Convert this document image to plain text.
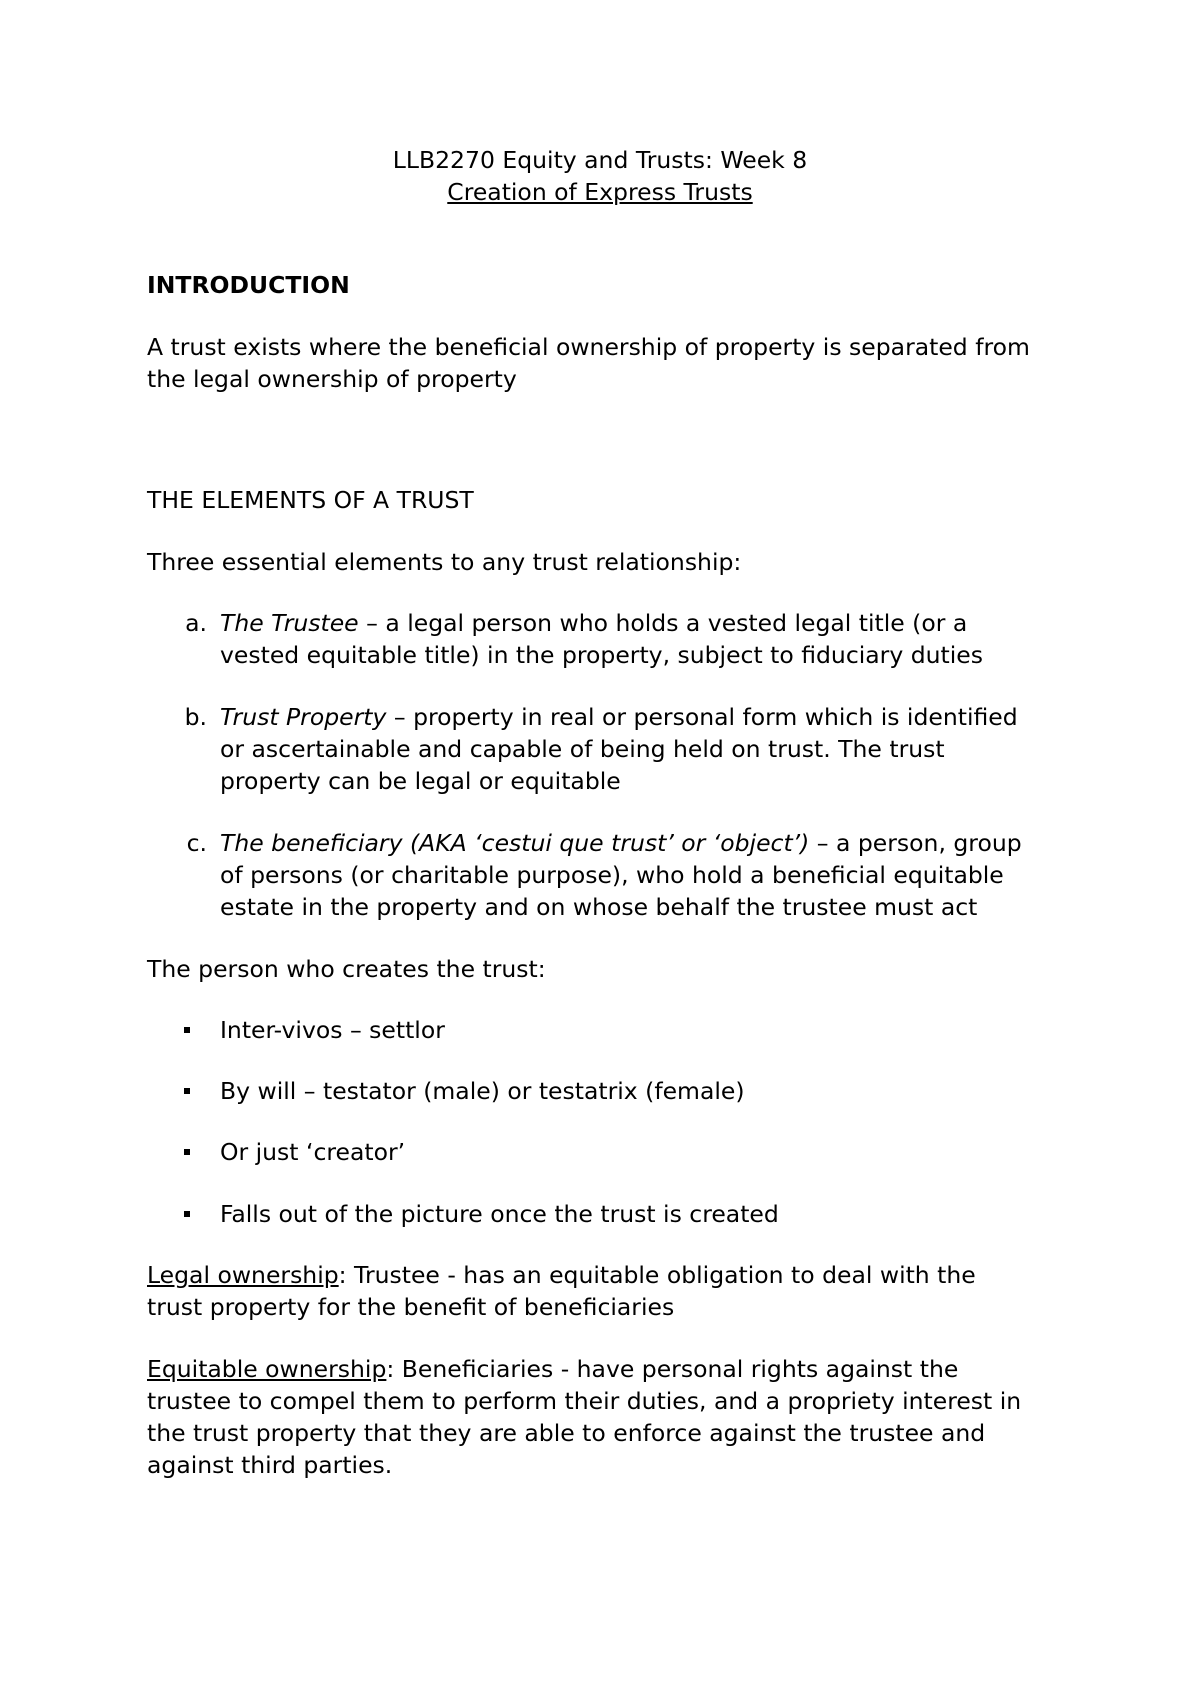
LLB2270 Equity and Trusts: Week 8
Creation of Express Trusts
INTRODUCTION
A trust exists where the beneficial ownership of property is separated from
the legal ownership of property
THE ELEMENTS OF A TRUST
Three essential elements to any trust relationship:
a. The Trustee – a legal person who holds a vested legal title (or a
vested equitable title) in the property, subject to fiduciary duties
b. Trust Property – property in real or personal form which is identified
or ascertainable and capable of being held on trust. The trust
property can be legal or equitable
c. The beneficiary (AKA ‘cestui que trust’ or ‘object’) – a person, group
of persons (or charitable purpose), who hold a beneficial equitable
estate in the property and on whose behalf the trustee must act
The person who creates the trust:
Inter-vivos – settlor
By will – testator (male) or testatrix (female)
Or just ‘creator’
Falls out of the picture once the trust is created
Legal ownership: Trustee - has an equitable obligation to deal with the
trust property for the benefit of beneficiaries
Equitable ownership: Beneficiaries - have personal rights against the
trustee to compel them to perform their duties, and a propriety interest in
the trust property that they are able to enforce against the trustee and
against third parties.
